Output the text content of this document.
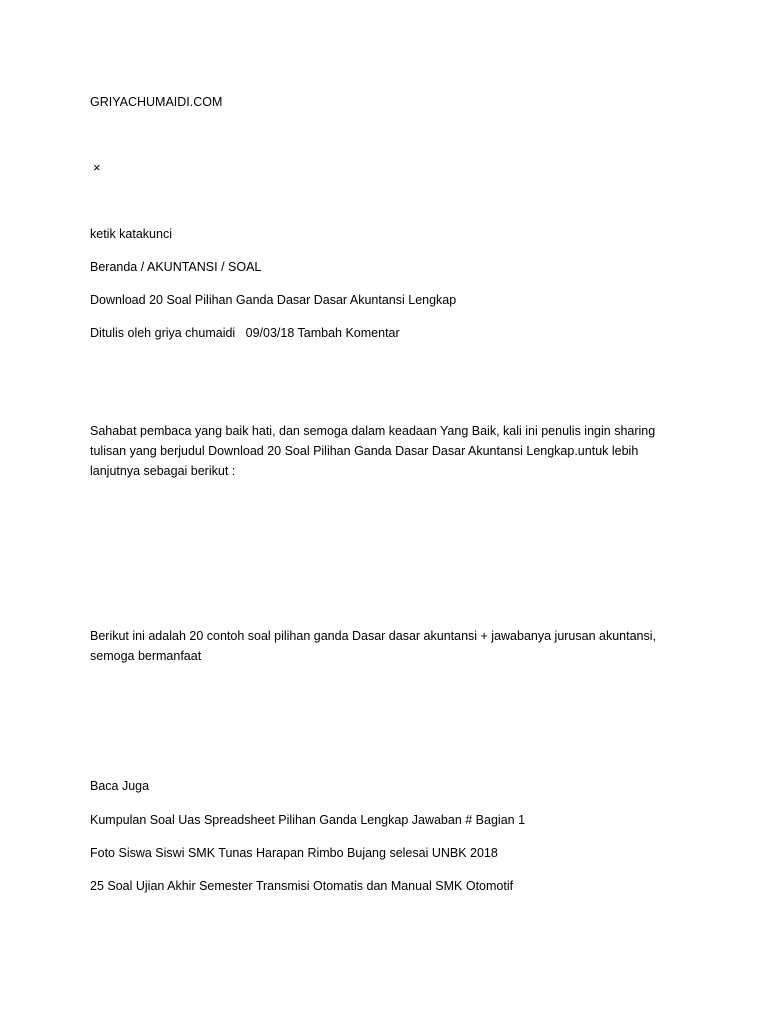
GRIYACHUMAIDI.COM
×
ketik katakunci
Beranda / AKUNTANSI / SOAL
Download 20 Soal Pilihan Ganda Dasar Dasar Akuntansi Lengkap
Ditulis oleh griya chumaidi   09/03/18 Tambah Komentar
Sahabat pembaca yang baik hati, dan semoga dalam keadaan Yang Baik, kali ini penulis ingin sharing tulisan yang berjudul Download 20 Soal Pilihan Ganda Dasar Dasar Akuntansi Lengkap.untuk lebih lanjutnya sebagai berikut :
Berikut ini adalah 20 contoh soal pilihan ganda Dasar dasar akuntansi + jawabanya jurusan akuntansi, semoga bermanfaat
Baca Juga
Kumpulan Soal Uas Spreadsheet Pilihan Ganda Lengkap Jawaban # Bagian 1
Foto Siswa Siswi SMK Tunas Harapan Rimbo Bujang selesai UNBK 2018
25 Soal Ujian Akhir Semester Transmisi Otomatis dan Manual SMK Otomotif
